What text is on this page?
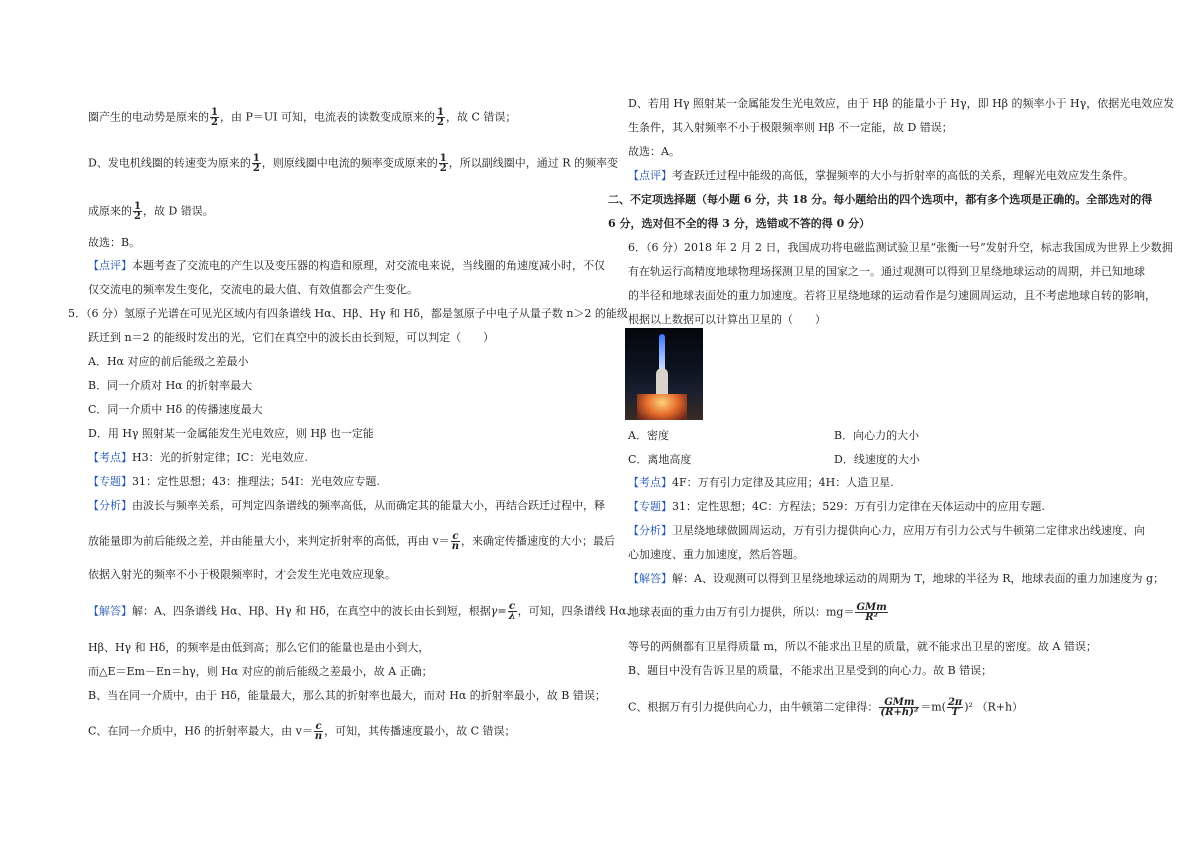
圈产生的电动势是原来的 $\frac{1}{2}$ ，由 P＝UI 可知，电流表的读数变成原来的 $\frac{1}{2}$ ，故 C 错误；
D、发电机线圈的转速变为原来的 $\frac{1}{2}$ ，则原线圈中电流的频率变成原来的 $\frac{1}{2}$ ，所以副线圈中，通过 R 的频率变
成原来的 $\frac{1}{2}$ ，故 D 错误。
故选：B。
【点评】本题考查了交流电的产生以及变压器的构造和原理，对交流电来说，当线圈的角速度减小时，不仅
仅交流电的频率发生变化，交流电的最大值、有效值都会产生变化。
5．（6 分）氢原子光谱在可见光区域内有四条谱线 Hα、Hβ、Hγ 和 Hδ，都是氢原子中电子从量子数 n＞2 的能级
跃迁到 n＝2 的能级时发出的光，它们在真空中的波长由长到短，可以判定（　　）
A．Hα 对应的前后能级之差最小
B．同一介质对 Hα 的折射率最大
C．同一介质中 Hδ 的传播速度最大
D．用 Hγ 照射某一金属能发生光电效应，则 Hβ 也一定能
【考点】H3：光的折射定律；IC：光电效应.
【专题】31：定性思想；43：推理法；54I：光电效应专题.
【分析】由波长与频率关系，可判定四条谱线的频率高低，从而确定其的能量大小，再结合跃迁过程中，释
放能量即为前后能级之差，并由能量大小，来判定折射率的高低，再由 $v= \frac{c}{n}$ ，来确定传播速度的大小；最后
依据入射光的频率不小于极限频率时，才会发生光电效应现象。
【解答】解：A、四条谱线 Hα、Hβ、Hγ 和 Hδ，在真空中的波长由长到短，根据$\gamma= \frac{c}{\lambda}$ ，可知，四条谱线 Hα、
Hβ、Hγ 和 Hδ，的频率是由低到高；那么它们的能量也是由小到大，
而△E＝Em－En＝hγ，则 Hα 对应的前后能级之差最小，故 A 正确；
B、当在同一介质中，由于 Hδ，能量最大，那么其的折射率也最大，而对 Hα 的折射率最小，故 B 错误；
C、在同一介质中，Hδ 的折射率最大，由 $v= \frac{c}{n}$ ，可知，其传播速度最小，故 C 错误；
D、若用 Hγ 照射某一金属能发生光电效应，由于 Hβ 的能量小于 Hγ，即 Hβ 的频率小于 Hγ，依据光电效应发
生条件，其入射频率不小于极限频率则 Hβ 不一定能，故 D 错误；
故选：A。
【点评】考查跃迁过程中能级的高低，掌握频率的大小与折射率的高低的关系，理解光电效应发生条件。
二、不定项选择题（每小题 6 分，共 18 分。每小题给出的四个选项中，都有多个选项是正确的。全部选对的得
6 分，选对但不全的得 3 分，选错或不答的得 0 分）
6．（6 分）2018 年 2 月 2 日，我国成功将电磁监测试验卫星“张衡一号”发射升空，标志我国成为世界上少数拥
有在轨运行高精度地球物理场探测卫星的国家之一。通过观测可以得到卫星绕地球运动的周期，并已知地球
的半径和地球表面处的重力加速度。若将卫星绕地球的运动看作是匀速圆周运动，且不考虑地球自转的影响，
根据以上数据可以计算出卫星的（　　）
A．密度	B．向心力的大小
C．离地高度	D．线速度的大小
【考点】4F：万有引力定律及其应用；4H：人造卫星.
【专题】31：定性思想；4C：方程法；529：万有引力定律在天体运动中的应用专题.
【分析】卫星绕地球做圆周运动，万有引力提供向心力，应用万有引力公式与牛顿第二定律求出线速度、向
心加速度、重力加速度，然后答题。
【解答】解：A、设观测可以得到卫星绕地球运动的周期为 T，地球的半径为 R，地球表面的重力加速度为 g；
地球表面的重力由万有引力提供，所以：$mg= \frac{\text{GMm}}{\text{R²}}$
等号的两侧都有卫星得质量 m，所以不能求出卫星的质量，就不能求出卫星的密度。故 A 错误；
B、题目中没有告诉卫星的质量，不能求出卫星受到的向心力。故 B 错误；
C、根据万有引力提供向心力，由牛顿第二定律得： $\frac{\text{GMm}}{\text{(R+h)²}} =m( \frac{2\pi}{T} )^2$ （R+h）
